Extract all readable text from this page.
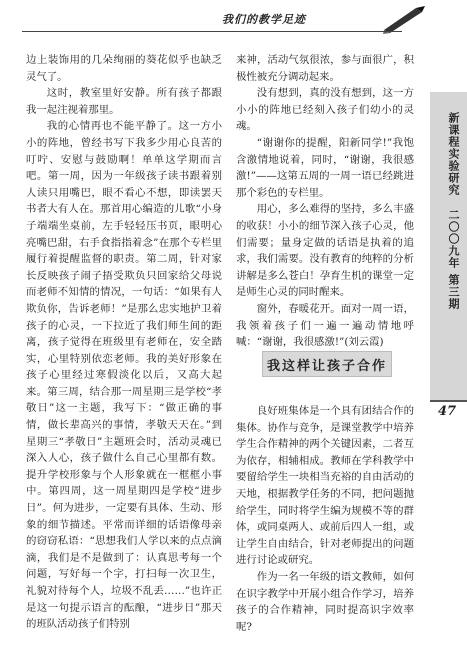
我们的教学足迹

边上装饰用的几朵绚丽的葵花似乎也缺乏灵气了。

这时，教室里好安静。所有孩子都跟我一起注视着那里。

我的心情再也不能平静了。这一方小小的阵地，曾经书写下我多少用心良苦的叮咛、安慰与鼓励啊！单单这学期而言吧。第一周，因为一年级孩子读书跟着别人读只用嘴巴，眼不看心不想，即读罢天书者大有人在。那首用心编造的儿歌“小身子端端坐桌前，左手轻轻压书页，眼明心亮嘴巴甜，右手食指指着念”在那个专栏里履行着提醒监督的职责。第二周，针对家长反映孩子闹子捂受欺负只回家给父母说而老师不知情的情况，一句话：“如果有人欺负你，告诉老师！”是那么忠实地护卫着孩子的心灵，一下拉近了我们师生间的距离，孩子觉得在班级里有老师在，安全踏实，心里特别依恋老师。我的美好形象在孩子心里经过寒假淡化以后，又高大起来。第三周，结合那一周星期三是学校“孝敬日”这一主题，我写下：“做正确的事情，做长辈高兴的事情，孝敬天天在。”到星期三“孝敬日”主题班会时，活动灵魂已深入人心，孩子做什么自己心里都有数。提升学校形象与个人形象就在一框框小事中。第四周，这一周星期四是学校“进步日”。何为进步，一定要有具体、生动、形象的细节描述。平常而详细的话语像母亲的窃窃私语：“思想我们人学以来的点点滴滴，我们是不是做到了：认真思考每一个问题，写好每一个字，打扫每一次卫生，礼貌对待每个人，垃圾不乱丢……”也许正是这一句提示语言的酝酿，“进步日”那天的班队活动孩子们特别

来神，活动气氛很浓，参与面很广，积极性被充分调动起来。

没有想到，真的没有想到，这一方小小的阵地已经刻入孩子们幼小的灵魂。

“谢谢你的提醒，阳新同学!”我饱含激情地说着，同时，“谢谢，我很感激!”——这第五周的一周一语已经跳进那个彩色的专栏里。

用心，多么难得的坚持，多么丰盛的收获！小小的细节深入孩子心灵，他们需要；量身定做的话语是执着的追求，我们需要。没有教育的纯粹的分析讲解是多么苍白！孕育生机的课堂一定是师生心灵的同时醒来。

窗外，春暖花开。面对一周一语，我领着孩子们一遍一遍动情地呼喊：“谢谢，我很感激!”(刘云霞)

我这样让孩子合作

良好班集体是一个具有团结合作的集体。协作与竞争，是课堂教学中培养学生合作精神的两个关键因素，二者互为依存，相辅相成。教师在学科教学中要留给学生一块相当充裕的自由活动的天地，根据教学任务的不同，把问题抛给学生，同时将学生编为规模不等的群体，或同桌两人、或前后四人一组，或让学生自由结合，针对老师提出的问题进行讨论或研究。

作为一名一年级的语文教师，如何在识字教学中开展小组合作学习，培养孩子的合作精神，同时提高识字效率呢?

新课程实验研究 二〇〇九年 第三期
47
